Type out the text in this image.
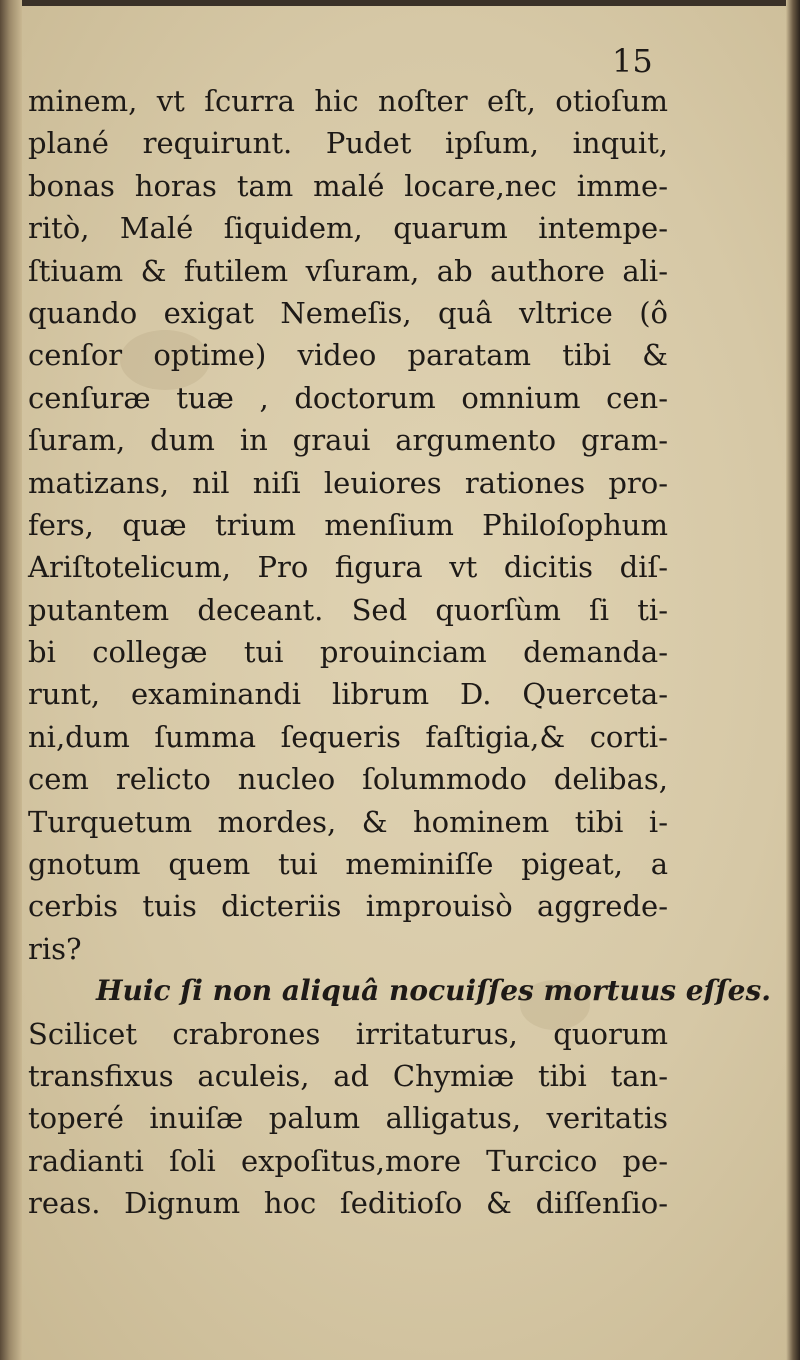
15
minem, vt ſcurra hic noſter eſt, otioſum
plané requirunt. Pudet ipſum, inquit,
bonas horas tam malé locare,nec imme-
ritò, Malé ſiquidem, quarum intempe-
ſtiuam & futilem vſuram, ab authore ali-
quando exigat Nemeſis, quâ vltrice (ô
cenſor optime) video paratam tibi &
cenſuræ tuæ , doctorum omnium cen-
ſuram, dum in graui argumento gram-
matizans, nil niſi leuiores rationes pro-
fers, quæ trium menſium Philoſophum
Ariſtotelicum, Pro figura vt dicitis diſ-
putantem deceant. Sed quorſùm ſi ti-
bi collegæ tui prouinciam demanda-
runt, examinandi librum D. Quercetа-
ni,dum ſumma ſequeris faſtigia,& corti-
cem relicto nucleo ſolummodo delibas,
Turquetum mordes, & hominem tibi i-
gnotum quem tui meminiſſe pigeat, a
cerbis tuis dicteriis improuisò aggrede-
ris?
Huic ſi non aliquâ nocuiſſes mortuus eſſes.
Scilicet crabrones irritaturus, quorum
transfixus aculeis, ad Chymiæ tibi tan-
toperé inuiſæ palum alligatus, veritatis
radianti ſoli expoſitus,more Turcico pe-
reas. Dignum hoc ſeditioſo & diſſenſio-
